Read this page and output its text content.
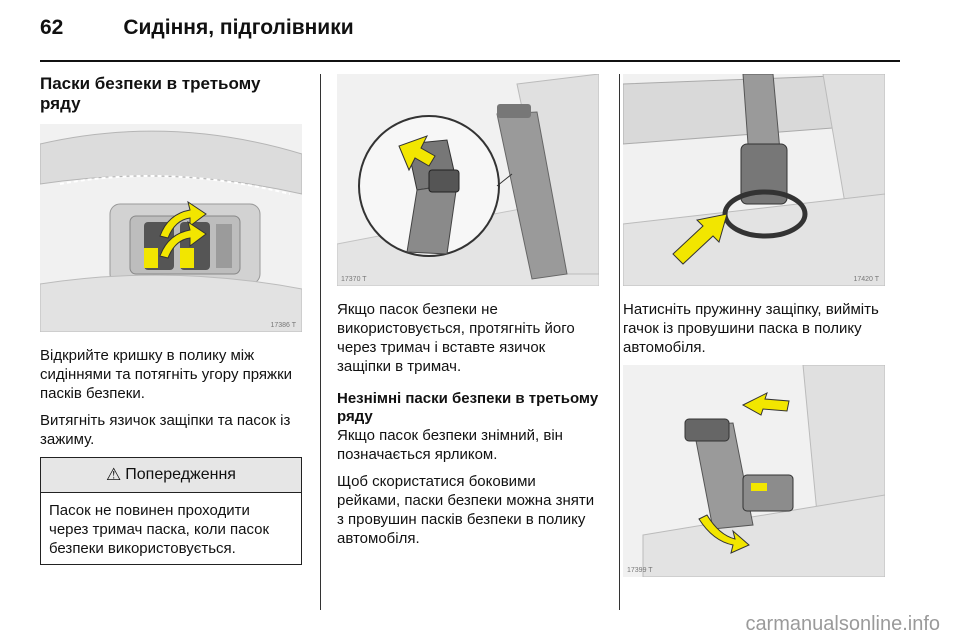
62	Сидіння, підголівники
Паски безпеки в третьому ряду
17386 T

Відкрийте кришку в полику між сидіннями та потягніть угору пряжки пасків безпеки.

Витягніть язичок защіпки та пасок із зажиму.

⚠ Попередження
Пасок не повинен проходити через тримач паска, коли пасок безпеки використовується.
17370 T

Якщо пасок безпеки не використовується, протягніть його через тримач і вставте язичок защіпки в тримач.

Незнімні паски безпеки в третьому ряду

Якщо пасок безпеки знімний, він позначається ярликом.

Щоб скористатися боковими рейками, паски безпеки можна зняти з провушин пасків безпеки в полику автомобіля.

17420 T

Натисніть пружинну защіпку, вийміть гачок із провушини паска в полику автомобіля.

17399 T
carmanualsonline.info
